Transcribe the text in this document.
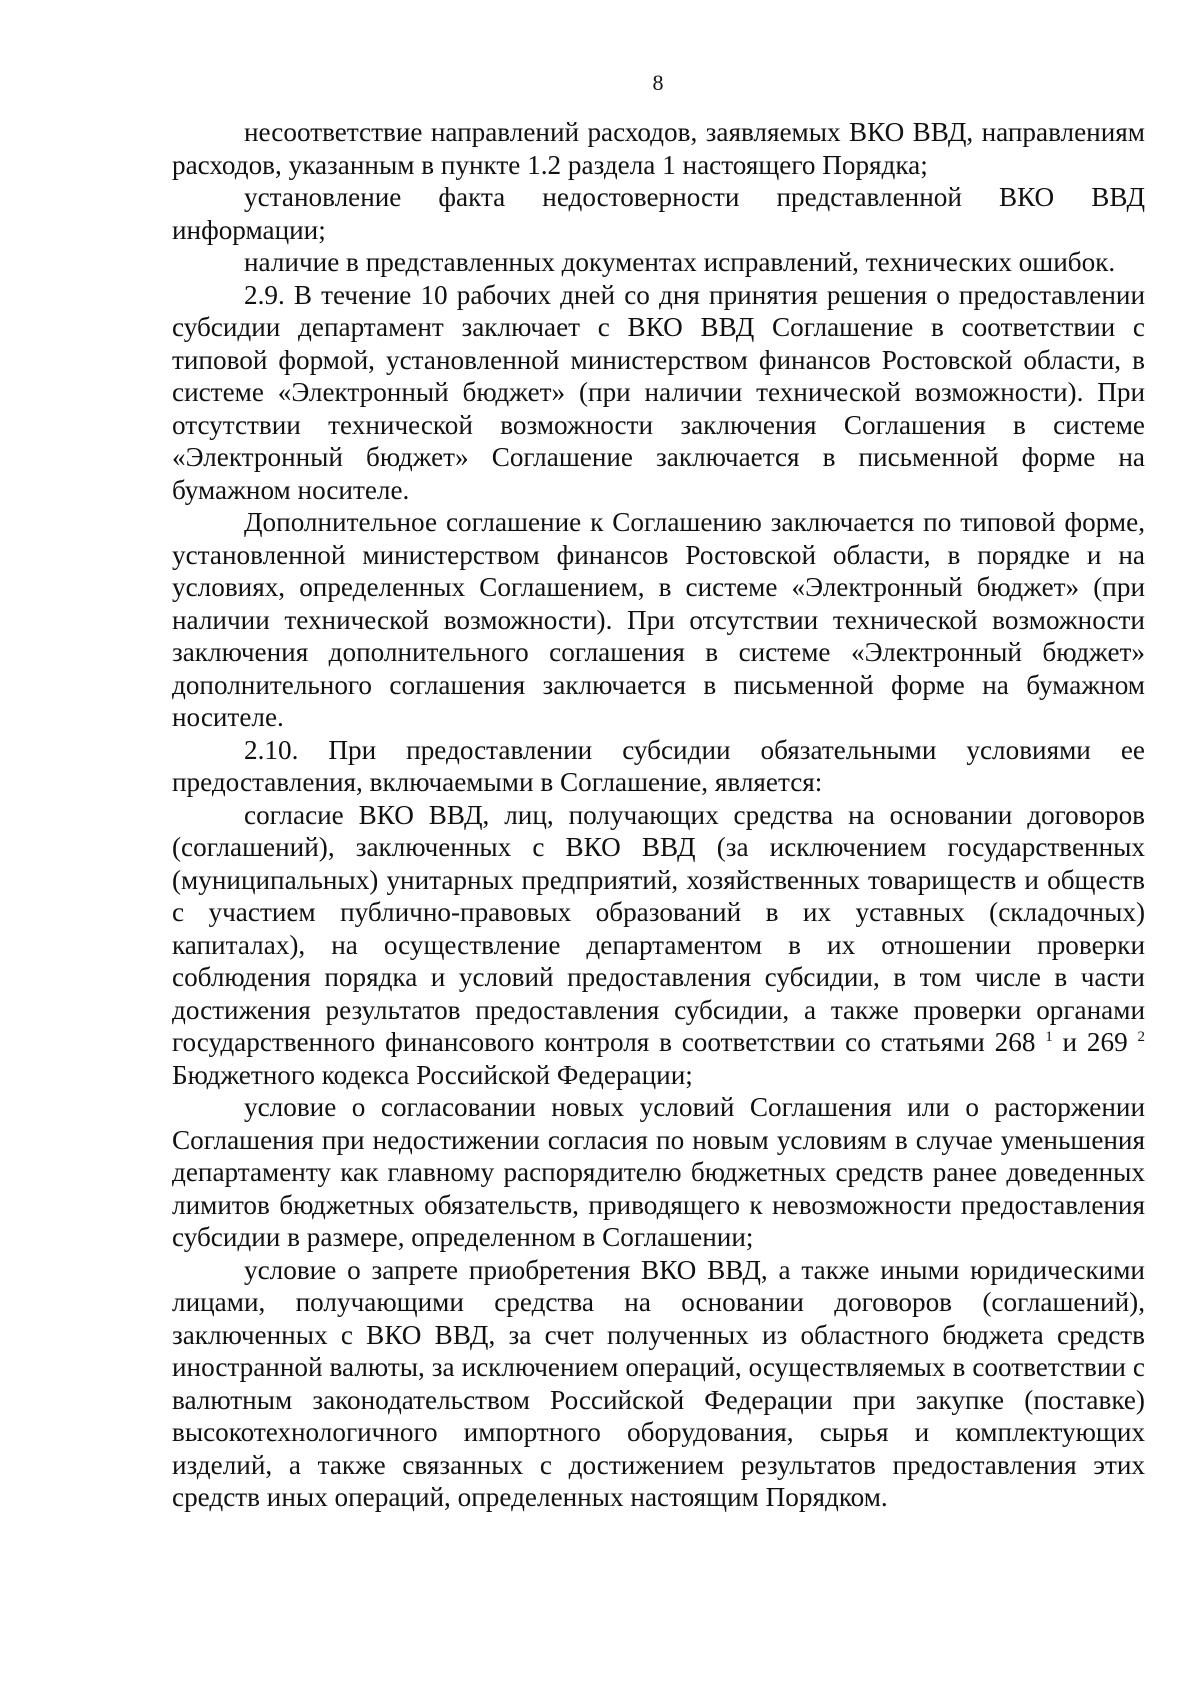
8

несоответствие направлений расходов, заявляемых ВКО ВВД, направлениям расходов, указанным в пункте 1.2 раздела 1 настоящего Порядка;

установление факта недостоверности представленной ВКО ВВД информации;

наличие в представленных документах исправлений, технических ошибок.

2.9. В течение 10 рабочих дней со дня принятия решения о предоставлении субсидии департамент заключает с ВКО ВВД Соглашение в соответствии с типовой формой, установленной министерством финансов Ростовской области, в системе «Электронный бюджет» (при наличии технической возможности). При отсутствии технической возможности заключения Соглашения в системе «Электронный бюджет» Соглашение заключается в письменной форме на бумажном носителе.

Дополнительное соглашение к Соглашению заключается по типовой форме, установленной министерством финансов Ростовской области, в порядке и на условиях, определенных Соглашением, в системе «Электронный бюджет» (при наличии технической возможности). При отсутствии технической возможности заключения дополнительного соглашения в системе «Электронный бюджет» дополнительного соглашения заключается в письменной форме на бумажном носителе.

2.10. При предоставлении субсидии обязательными условиями ее предоставления, включаемыми в Соглашение, является:

согласие ВКО ВВД, лиц, получающих средства на основании договоров (соглашений), заключенных с ВКО ВВД (за исключением государственных (муниципальных) унитарных предприятий, хозяйственных товариществ и обществ с участием публично-правовых образований в их уставных (складочных) капиталах), на осуществление департаментом в их отношении проверки соблюдения порядка и условий предоставления субсидии, в том числе в части достижения результатов предоставления субсидии, а также проверки органами государственного финансового контроля в соответствии со статьями 268 $^1$ и 269 $^2$ Бюджетного кодекса Российской Федерации;

условие о согласовании новых условий Соглашения или о расторжении Соглашения при недостижении согласия по новым условиям в случае уменьшения департаменту как главному распорядителю бюджетных средств ранее доведенных лимитов бюджетных обязательств, приводящего к невозможности предоставления субсидии в размере, определенном в Соглашении;

условие о запрете приобретения ВКО ВВД, а также иными юридическими лицами, получающими средства на основании договоров (соглашений), заключенных с ВКО ВВД, за счет полученных из областного бюджета средств иностранной валюты, за исключением операций, осуществляемых в соответствии с валютным законодательством Российской Федерации при закупке (поставке) высокотехнологичного импортного оборудования, сырья и комплектующих изделий, а также связанных с достижением результатов предоставления этих средств иных операций, определенных настоящим Порядком.
